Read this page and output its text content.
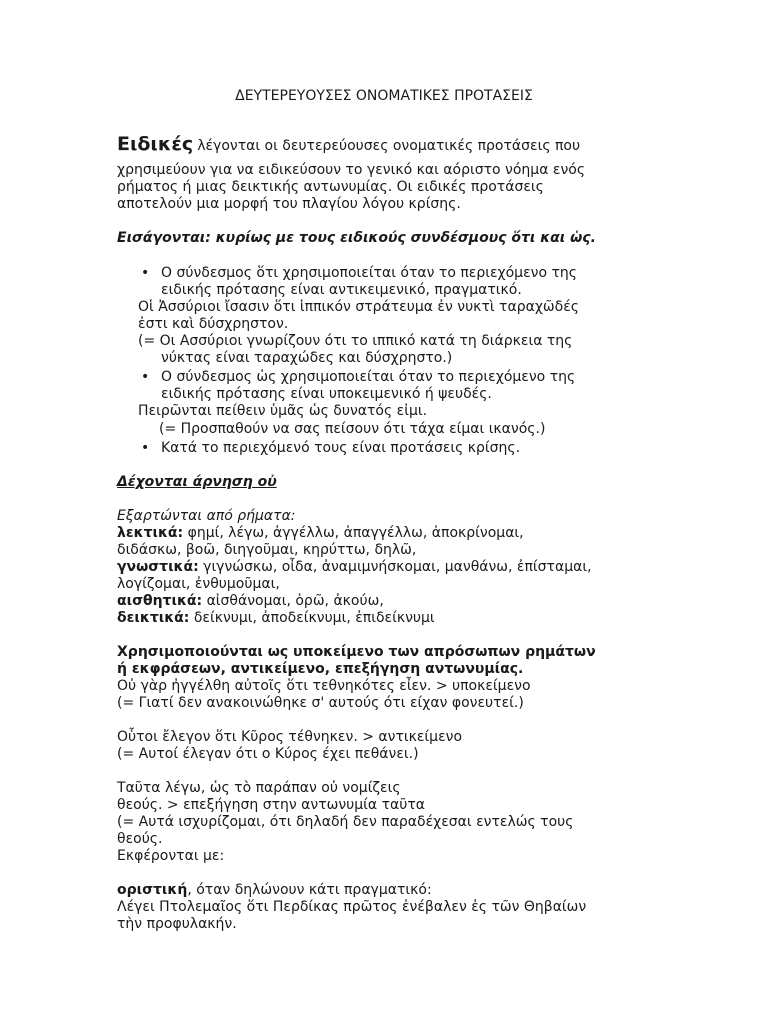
ΔΕΥΤΕΡΕΥΟΥΣΕΣ ΟΝΟΜΑΤΙΚΕΣ ΠΡΟΤΑΣΕΙΣ
Ειδικές λέγονται οι δευτερεύουσες ονοματικές προτάσεις που
χρησιμεύουν για να ειδικεύσουν το γενικό και αόριστο νόημα ενός
ρήματος ή μιας δεικτικής αντωνυμίας. Οι ειδικές προτάσεις
αποτελούν μια μορφή του πλαγίου λόγου κρίσης.
Εισάγονται: κυρίως με τους ειδικούς συνδέσμους ὅτι και ὡς.
• Ο σύνδεσμος ὅτι χρησιμοποιείται όταν το περιεχόμενο της
ειδικής πρότασης είναι αντικειμενικό, πραγματικό.
Οἱ Ἀσσύριοι ἴσασιν ὅτι ἱππικόν στράτευμα ἐν νυκτὶ ταραχῶδές
ἐστι καὶ δύσχρηστον.
(= Οι Ασσύριοι γνωρίζουν ότι το ιππικό κατά τη διάρκεια της
νύκτας είναι ταραχώδες και δύσχρηστο.)
• Ο σύνδεσμος ὡς χρησιμοποιείται όταν το περιεχόμενο της
ειδικής πρότασης είναι υποκειμενικό ή ψευδές.
Πειρῶνται πείθειν ὑμᾶς ὡς δυνατός εἰμι.
(= Προσπαθούν να σας πείσουν ότι τάχα είμαι ικανός.)
• Κατά το περιεχόμενό τους είναι προτάσεις κρίσης.
Δέχονται άρνηση οὐ
Εξαρτώνται από ρήματα:
λεκτικά: φημί, λέγω, ἀγγέλλω, ἀπαγγέλλω, ἀποκρίνομαι,
διδάσκω, βοῶ, διηγοῦμαι, κηρύττω, δηλῶ,
γνωστικά: γιγνώσκω, οἶδα, ἀναμιμνήσκομαι, μανθάνω, ἐπίσταμαι,
λογίζομαι, ἐνθυμοῦμαι,
αισθητικά: αἰσθάνομαι, ὁρῶ, ἀκούω,
δεικτικά: δείκνυμι, ἀποδείκνυμι, ἐπιδείκνυμι
Χρησιμοποιούνται ως υποκείμενο των απρόσωπων ρημάτων
ή εκφράσεων, αντικείμενο, επεξήγηση αντωνυμίας.
Οὐ γὰρ ἠγγέλθη αὐτοῖς ὅτι τεθνηκότες εἶεν. > υποκείμενο
(= Γιατί δεν ανακοινώθηκε σ' αυτούς ότι είχαν φονευτεί.)
Οὗτοι ἔλεγον ὅτι Κῦρος τέθνηκεν. > αντικείμενο
(= Αυτοί έλεγαν ότι ο Κύρος έχει πεθάνει.)
Ταῦτα λέγω, ὡς τὸ παράπαν οὐ νομίζεις
θεούς. > επεξήγηση στην αντωνυμία ταῦτα
(= Αυτά ισχυρίζομαι, ότι δηλαδή δεν παραδέχεσαι εντελώς τους
θεούς.
Εκφέρονται με:
οριστική, όταν δηλώνουν κάτι πραγματικό:
Λέγει Πτολεμαῖος ὅτι Περδίκας πρῶτος ἐνέβαλεν ἐς τῶν Θηβαίων
τὴν προφυλακήν.
